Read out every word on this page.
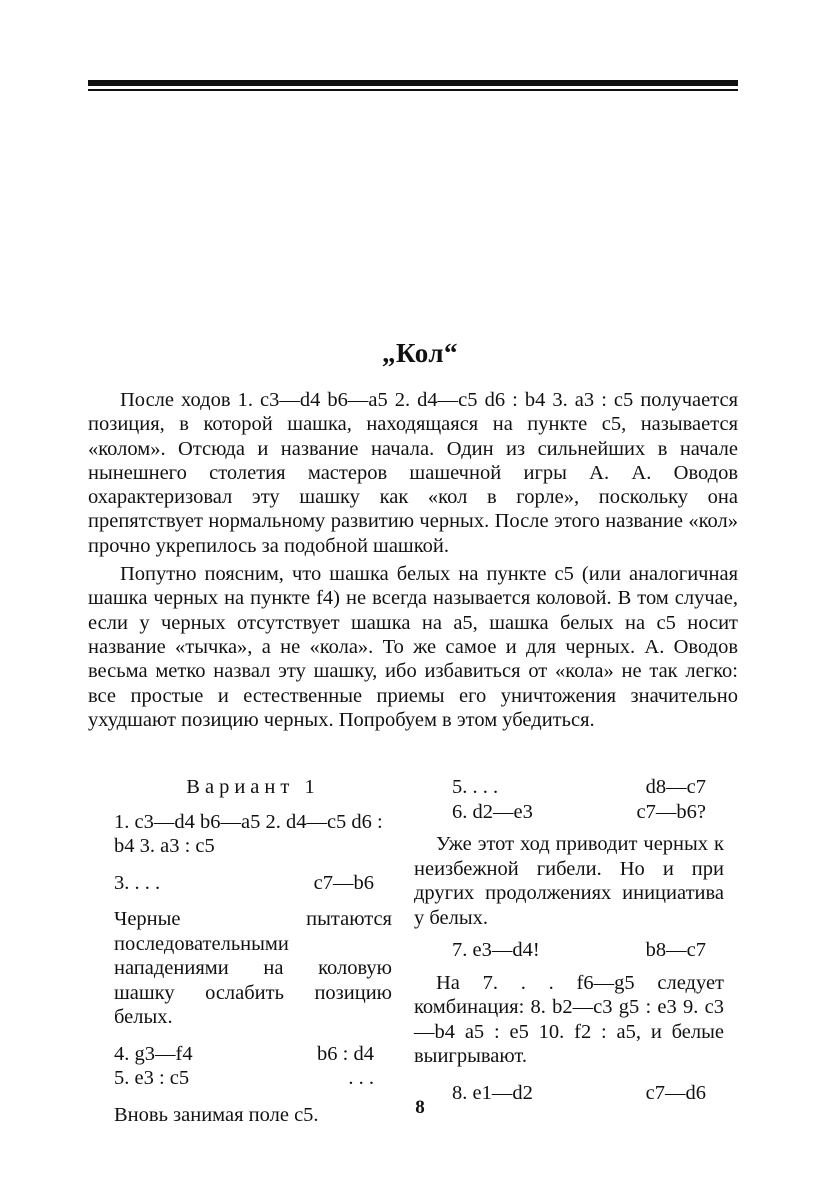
„Кол“

После ходов 1. c3—d4 b6—a5 2. d4—c5 d6 : b4 3. a3 : c5 получается позиция, в которой шашка, находящаяся на пункте c5, называется «колом». Отсюда и название начала. Один из сильнейших в начале нынешнего столетия мастеров шашечной игры А. А. Оводов охарактеризовал эту шашку как «кол в горле», поскольку она препятствует нормальному развитию черных. После этого название «кол» прочно укрепилось за подобной шашкой.

Попутно поясним, что шашка белых на пункте c5 (или аналогичная шашка черных на пункте f4) не всегда называется коловой. В том случае, если у черных отсутствует шашка на a5, шашка белых на c5 носит название «тычка», а не «кола». То же самое и для черных. А. Оводов весьма метко назвал эту шашку, ибо избавиться от «кола» не так легко: все простые и естественные приемы его уничтожения значительно ухудшают позицию черных. Попробуем в этом убедиться.

Вариант 1

1. c3—d4 b6—a5 2. d4—c5 d6 : b4 3. a3 : c5

3. . . .	c7—b6

Черные пытаются последовательными нападениями на коловую шашку ослабить позицию белых.

4. g3—f4	b6 : d4
5. e3 : c5	. . .

Вновь занимая поле c5.

5. . . .	d8—c7
6. d2—e3	c7—b6?

Уже этот ход приводит черных к неизбежной гибели. Но и при других продолжениях инициатива у белых.

7. e3—d4!	b8—c7

На 7. . . f6—g5 следует комбинация: 8. b2—c3 g5 : e3 9. c3—b4 a5 : e5 10. f2 : a5, и белые выигрывают.

8. e1—d2	c7—d6
8
